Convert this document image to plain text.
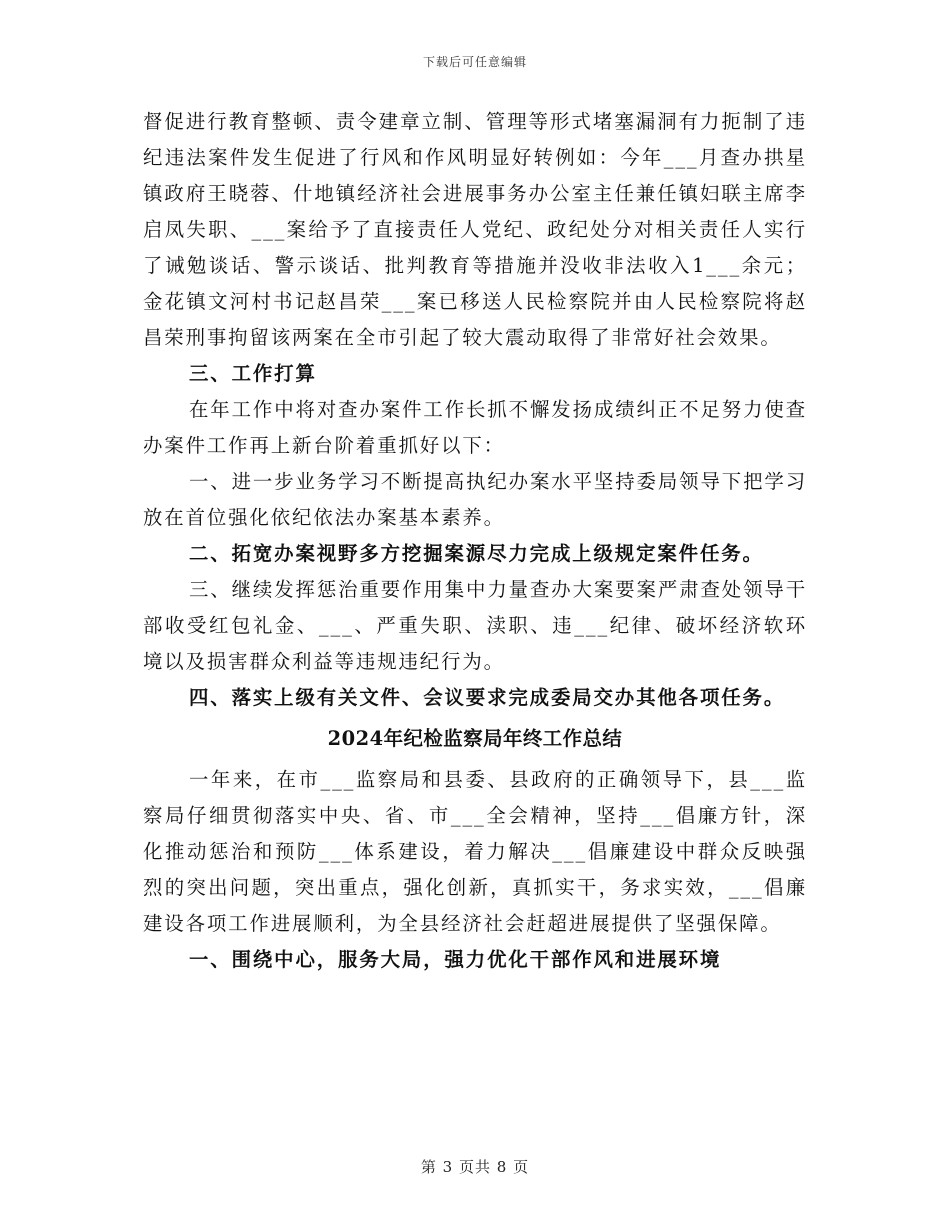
下载后可任意编辑

督促进行教育整顿、责令建章立制、管理等形式堵塞漏洞有力扼制了违纪违法案件发生促进了行风和作风明显好转例如：今年___月查办拱星镇政府王晓蓉、什地镇经济社会进展事务办公室主任兼任镇妇联主席李启凤失职、___案给予了直接责任人党纪、政纪处分对相关责任人实行了诫勉谈话、警示谈话、批判教育等措施并没收非法收入1___余元；金花镇文河村书记赵昌荣___案已移送人民检察院并由人民检察院将赵昌荣刑事拘留该两案在全市引起了较大震动取得了非常好社会效果。

三、工作打算

在年工作中将对查办案件工作长抓不懈发扬成绩纠正不足努力使查办案件工作再上新台阶着重抓好以下：

一、进一步业务学习不断提高执纪办案水平坚持委局领导下把学习放在首位强化依纪依法办案基本素养。

二、拓宽办案视野多方挖掘案源尽力完成上级规定案件任务。

三、继续发挥惩治重要作用集中力量查办大案要案严肃查处领导干部收受红包礼金、___、严重失职、渎职、违___纪律、破坏经济软环境以及损害群众利益等违规违纪行为。

四、落实上级有关文件、会议要求完成委局交办其他各项任务。

2024年纪检监察局年终工作总结

一年来，在市___监察局和县委、县政府的正确领导下，县___监察局仔细贯彻落实中央、省、市___全会精神，坚持___倡廉方针，深化推动惩治和预防___体系建设，着力解决___倡廉建设中群众反映强烈的突出问题，突出重点，强化创新，真抓实干，务求实效，___倡廉建设各项工作进展顺利，为全县经济社会赶超进展提供了坚强保障。

一、围绕中心，服务大局，强力优化干部作风和进展环境

第 3 页共 8 页
